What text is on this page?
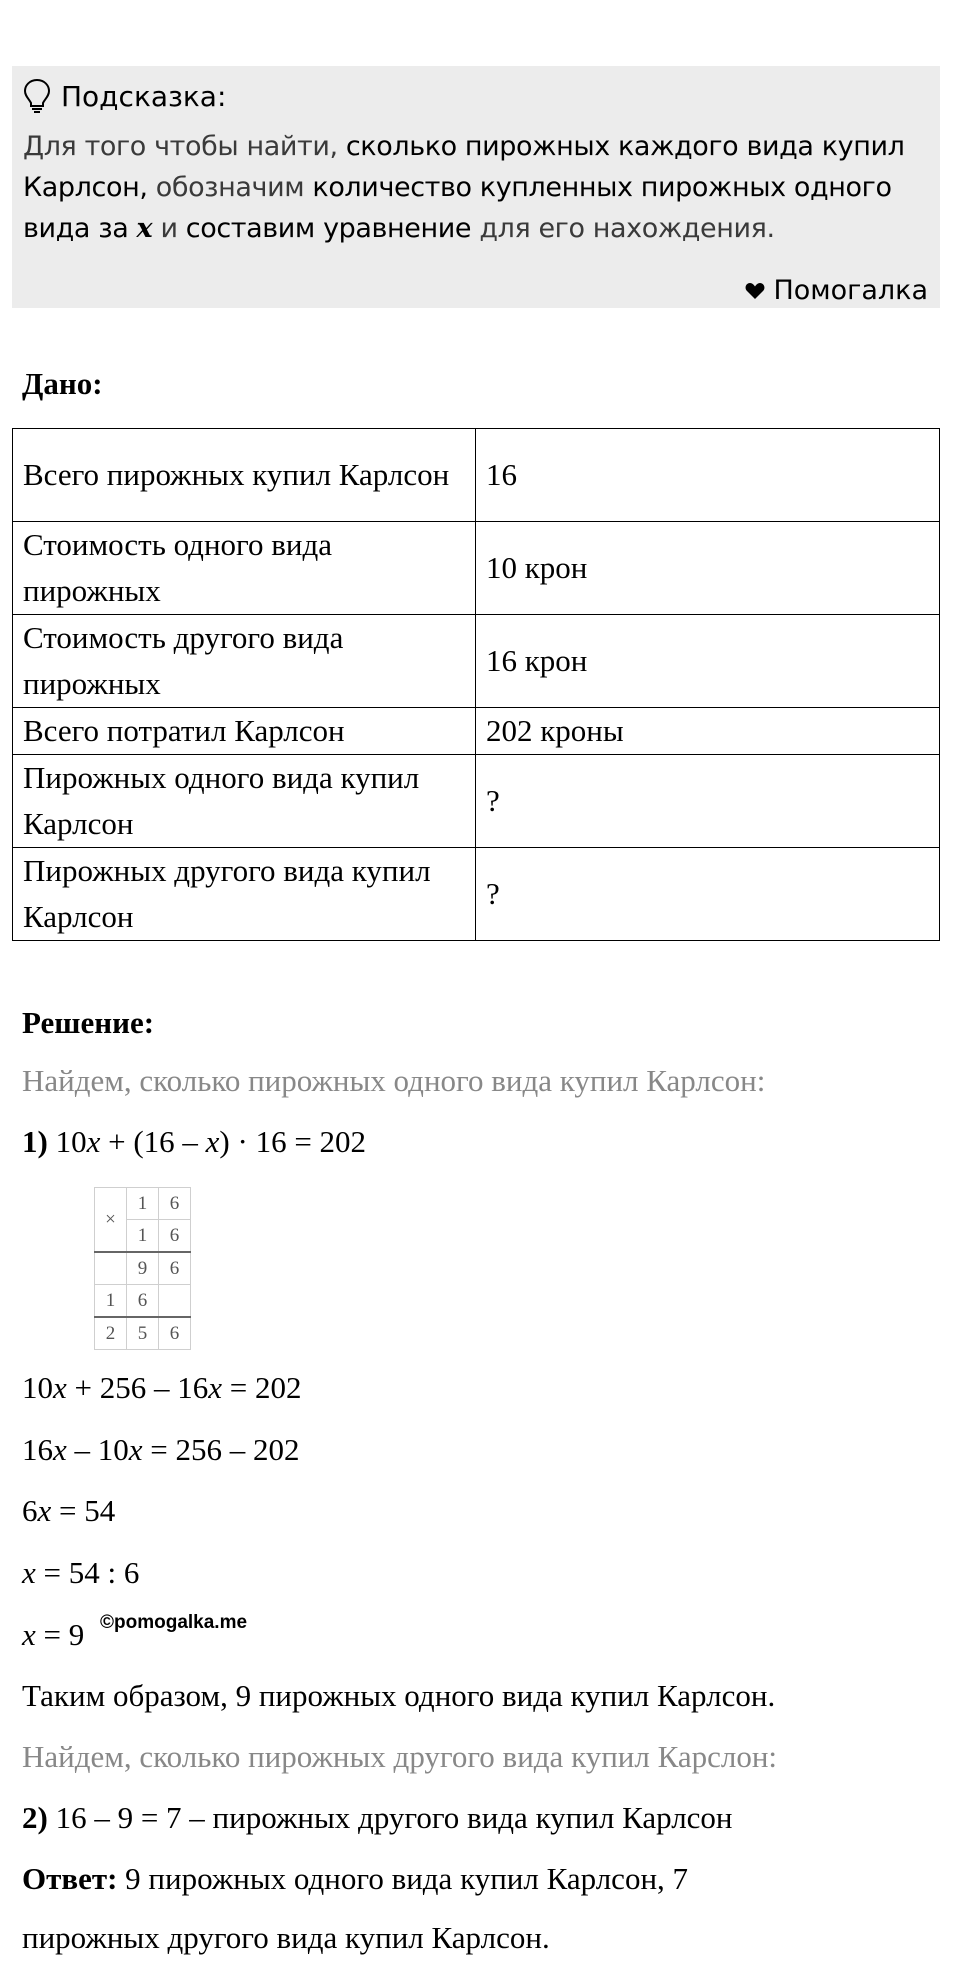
Подсказка:
Для того чтобы найти, сколько пирожных каждого вида купил Карлсон, обозначим количество купленных пирожных одного вида за x и составим уравнение для его нахождения.
Помогалка
Дано:
Всего пирожных купил Карлсон	16
Стоимость одного вида пирожных	10 крон
Стоимость другого вида пирожных	16 крон
Всего потратил Карлсон	202 кроны
Пирожных одного вида купил Карлсон	?
Пирожных другого вида купил Карлсон	?
Решение:
Найдем, сколько пирожных одного вида купил Карлсон:
1) 10x + (16 – x) · 16 = 202
×	1	6
	1	6
	9	6
1	6	
2	5	6
10x + 256 – 16x = 202
16x – 10x = 256 – 202
6x = 54
x = 54 : 6
x = 9 ©pomogalka.me
Таким образом, 9 пирожных одного вида купил Карлсон.
Найдем, сколько пирожных другого вида купил Карслон:
2) 16 – 9 = 7 – пирожных другого вида купил Карлсон
Ответ: 9 пирожных одного вида купил Карлсон, 7
пирожных другого вида купил Карлсон.
